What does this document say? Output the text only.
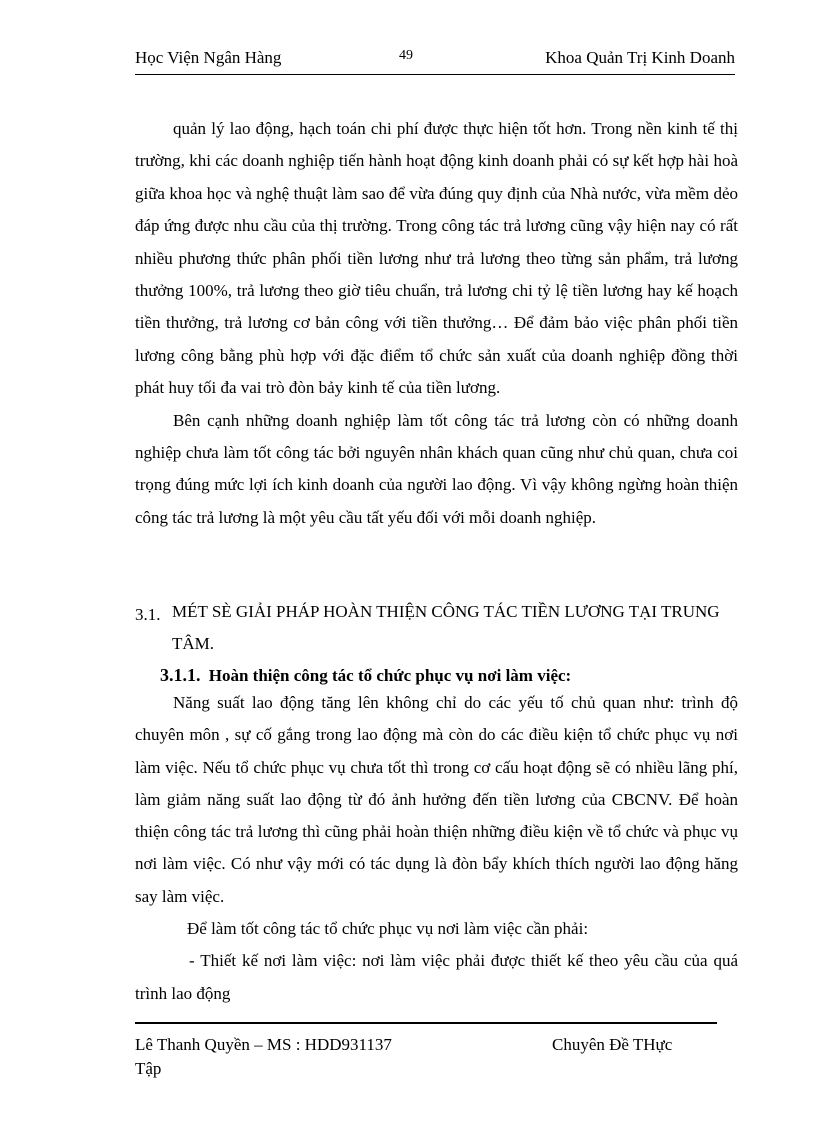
Học Viện Ngân Hàng	49	Khoa Quản Trị Kinh Doanh

quản lý lao động, hạch toán chi phí được thực hiện tốt hơn. Trong nền kinh tế thị trường, khi các doanh nghiệp tiến hành hoạt động kinh doanh phải có sự kết hợp hài hoà giữa khoa học và nghệ thuật làm sao để vừa đúng quy định của Nhà nước, vừa mềm dẻo đáp ứng được nhu cầu của thị trường. Trong công tác trả lương cũng vậy hiện nay có rất nhiều phương thức phân phối tiền lương như trả lương theo từng sản phẩm, trả lương thưởng 100%, trả lương theo giờ tiêu chuẩn, trả lương chi tỷ lệ tiền lương hay kế hoạch tiền thưởng, trả lương cơ bản công với tiền thưởng… Để đảm bảo việc phân phối tiền lương công bằng phù hợp với đặc điểm tổ chức sản xuất của doanh nghiệp đồng thời phát huy tối đa vai trò đòn bảy kinh tế của tiền lương.

Bên cạnh những doanh nghiệp làm tốt công tác trả lương còn có những doanh nghiệp chưa làm tốt công tác bởi nguyên nhân khách quan cũng như chủ quan, chưa coi trọng đúng mức lợi ích kinh doanh của người lao động. Vì vậy không ngừng hoàn thiện công tác trả lương là một yêu cầu tất yếu đối với mỗi doanh nghiệp.

3.1. MÉT SÈ GIẢI PHÁP HOÀN THIỆN CÔNG TÁC TIỀN LƯƠNG TẠI TRUNG TÂM.
3.1.1. Hoàn thiện công tác tổ chức phục vụ nơi làm việc:

Năng suất lao động tăng lên không chỉ do các yếu tố chủ quan như: trình độ chuyên môn , sự cố gắng trong lao động mà còn do các điều kiện tổ chức phục vụ nơi làm việc. Nếu tổ chức phục vụ chưa tốt thì trong cơ cấu hoạt động sẽ có nhiều lãng phí, làm giảm năng suất lao động từ đó ảnh hưởng đến tiền lương của CBCNV. Để hoàn thiện công tác trả lương thì cũng phải hoàn thiện những điều kiện về tổ chức và phục vụ nơi làm việc. Có như vậy mới có tác dụng là đòn bẩy khích thích người lao động hăng say làm việc.

Để làm tốt công tác tổ chức phục vụ nơi làm việc cần phải:

- Thiết kế nơi làm việc: nơi làm việc phải được thiết kế theo yêu cầu của quá trình lao động

Lê Thanh Quyền – MS : HDD931137	Chuyên Đề THực
Tập
